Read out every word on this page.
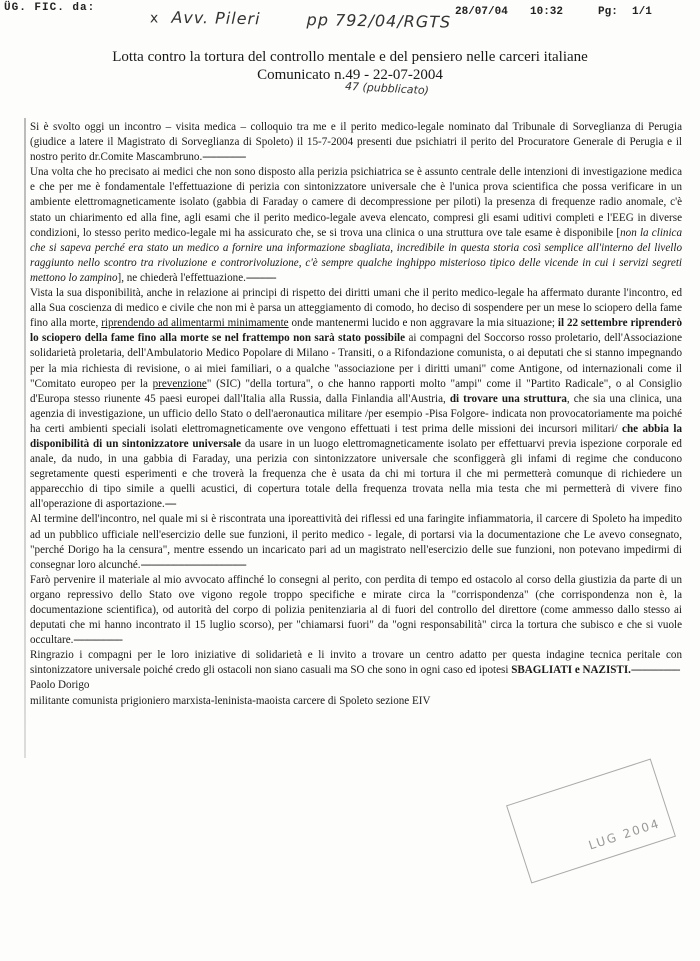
ÜG. FIC. da:	28/07/04 10:32	Pg: 1/1
x Avv. Pileri	pp 792/04/RGTS
Lotta contro la tortura del controllo mentale e del pensiero nelle carceri italiane
Comunicato n.49 - 22-07-2004
47 (pubblicato)

Si è svolto oggi un incontro – visita medica – colloquio tra me e il perito medico-legale nominato dal Tribunale di Sorveglianza di Perugia (giudice a latere il Magistrato di Sorveglianza di Spoleto) il 15-7-2004 presenti due psichiatri il perito del Procuratore Generale di Perugia e il nostro perito dr.Comite Mascambruno.----------------

Una volta che ho precisato ai medici che non sono disposto alla perizia psichiatrica se è assunto centrale delle intenzioni di investigazione medica e che per me è fondamentale l'effettuazione di perizia con sintonizzatore universale che è l'unica prova scientifica che possa verificare in un ambiente elettromagneticamente isolato (gabbia di Faraday o camere di decompressione per piloti) la presenza di frequenze radio anomale, c'è stato un chiarimento ed alla fine, agli esami che il perito medico-legale aveva elencato, compresi gli esami uditivi completi e l'EEG in diverse condizioni, lo stesso perito medico-legale mi ha assicurato che, se si trova una clinica o una struttura ove tale esame è disponibile [non la clinica che si sapeva perché era stato un medico a fornire una informazione sbagliata, incredibile in questa storia così semplice all'interno del livello raggiunto nello scontro tra rivoluzione e controrivoluzione, c'è sempre qualche inghippo misterioso tipico delle vicende in cui i servizi segreti mettono lo zampino], ne chiederà l'effettuazione.-----------

Vista la sua disponibilità, anche in relazione ai principi di rispetto dei diritti umani che il perito medico-legale ha affermato durante l'incontro, ed alla Sua coscienza di medico e civile che non mi è parsa un atteggiamento di comodo, ho deciso di sospendere per un mese lo sciopero della fame fino alla morte, riprendendo ad alimentarmi minimamente onde mantenermi lucido e non aggravare la mia situazione; il 22 settembre riprenderò lo sciopero della fame fino alla morte se nel frattempo non sarà stato possibile ai compagni del Soccorso rosso proletario, dell'Associazione solidarietà proletaria, dell'Ambulatorio Medico Popolare di Milano - Transiti, o a Rifondazione comunista, o ai deputati che si stanno impegnando per la mia richiesta di revisione, o ai miei familiari, o a qualche "associazione per i diritti umani" come Antigone, od internazionali come il "Comitato europeo per la prevenzione" (SIC) "della tortura", o che hanno rapporti molto "ampi" come il "Partito Radicale", o al Consiglio d'Europa stesso riunente 45 paesi europei dall'Italia alla Russia, dalla Finlandia all'Austria, di trovare una struttura, che sia una clinica, una agenzia di investigazione, un ufficio dello Stato o dell'aeronautica militare /per esempio -Pisa Folgore- indicata non provocatoriamente ma poiché ha certi ambienti speciali isolati elettromagneticamente ove vengono effettuati i test prima delle missioni dei incursori militari/ che abbia la disponibilità di un sintonizzatore universale da usare in un luogo elettromagneticamente isolato per effettuarvi previa ispezione corporale ed anale, da nudo, in una gabbia di Faraday, una perizia con sintonizzatore universale che sconfiggerà gli infami di regime che conducono segretamente questi esperimenti e che troverà la frequenza che è usata da chi mi tortura il che mi permetterà comunque di richiedere un apparecchio di tipo simile a quelli acustici, di copertura totale della frequenza trovata nella mia testa che mi permetterà di vivere fino all'operazione di asportazione.----

Al termine dell'incontro, nel quale mi si è riscontrata una iporeattività dei riflessi ed una faringite infiammatoria, il carcere di Spoleto ha impedito ad un pubblico ufficiale nell'esercizio delle sue funzioni, il perito medico - legale, di portarsi via la documentazione che Le avevo consegnato, "perché Dorigo ha la censura", mentre essendo un incaricato pari ad un magistrato nell'esercizio delle sue funzioni, non potevano impedirmi di consegnar loro alcunché.---------------------------------------

Farò pervenire il materiale al mio avvocato affinché lo consegni al perito, con perdita di tempo ed ostacolo al corso della giustizia da parte di un organo repressivo dello Stato ove vigono regole troppo specifiche e mirate circa la "corrispondenza" (che corrispondenza non è, la documentazione scientifica), od autorità del corpo di polizia penitenziaria al di fuori del controllo del direttore (come ammesso dallo stesso ai deputati che mi hanno incontrato il 15 luglio scorso), per "chiamarsi fuori" da "ogni responsabilità" circa la tortura che subisco e che si vuole occultare.------------------

Ringrazio i compagni per le loro iniziative di solidarietà e li invito a trovare un centro adatto per questa indagine tecnica peritale con sintonizzatore universale poiché credo gli ostacoli non siano casuali ma SO che sono in ogni caso ed ipotesi SBAGLIATI e NAZISTI.------------------

Paolo Dorigo

militante comunista prigioniero marxista-leninista-maoista carcere di Spoleto sezione EIV

LUG 2004
